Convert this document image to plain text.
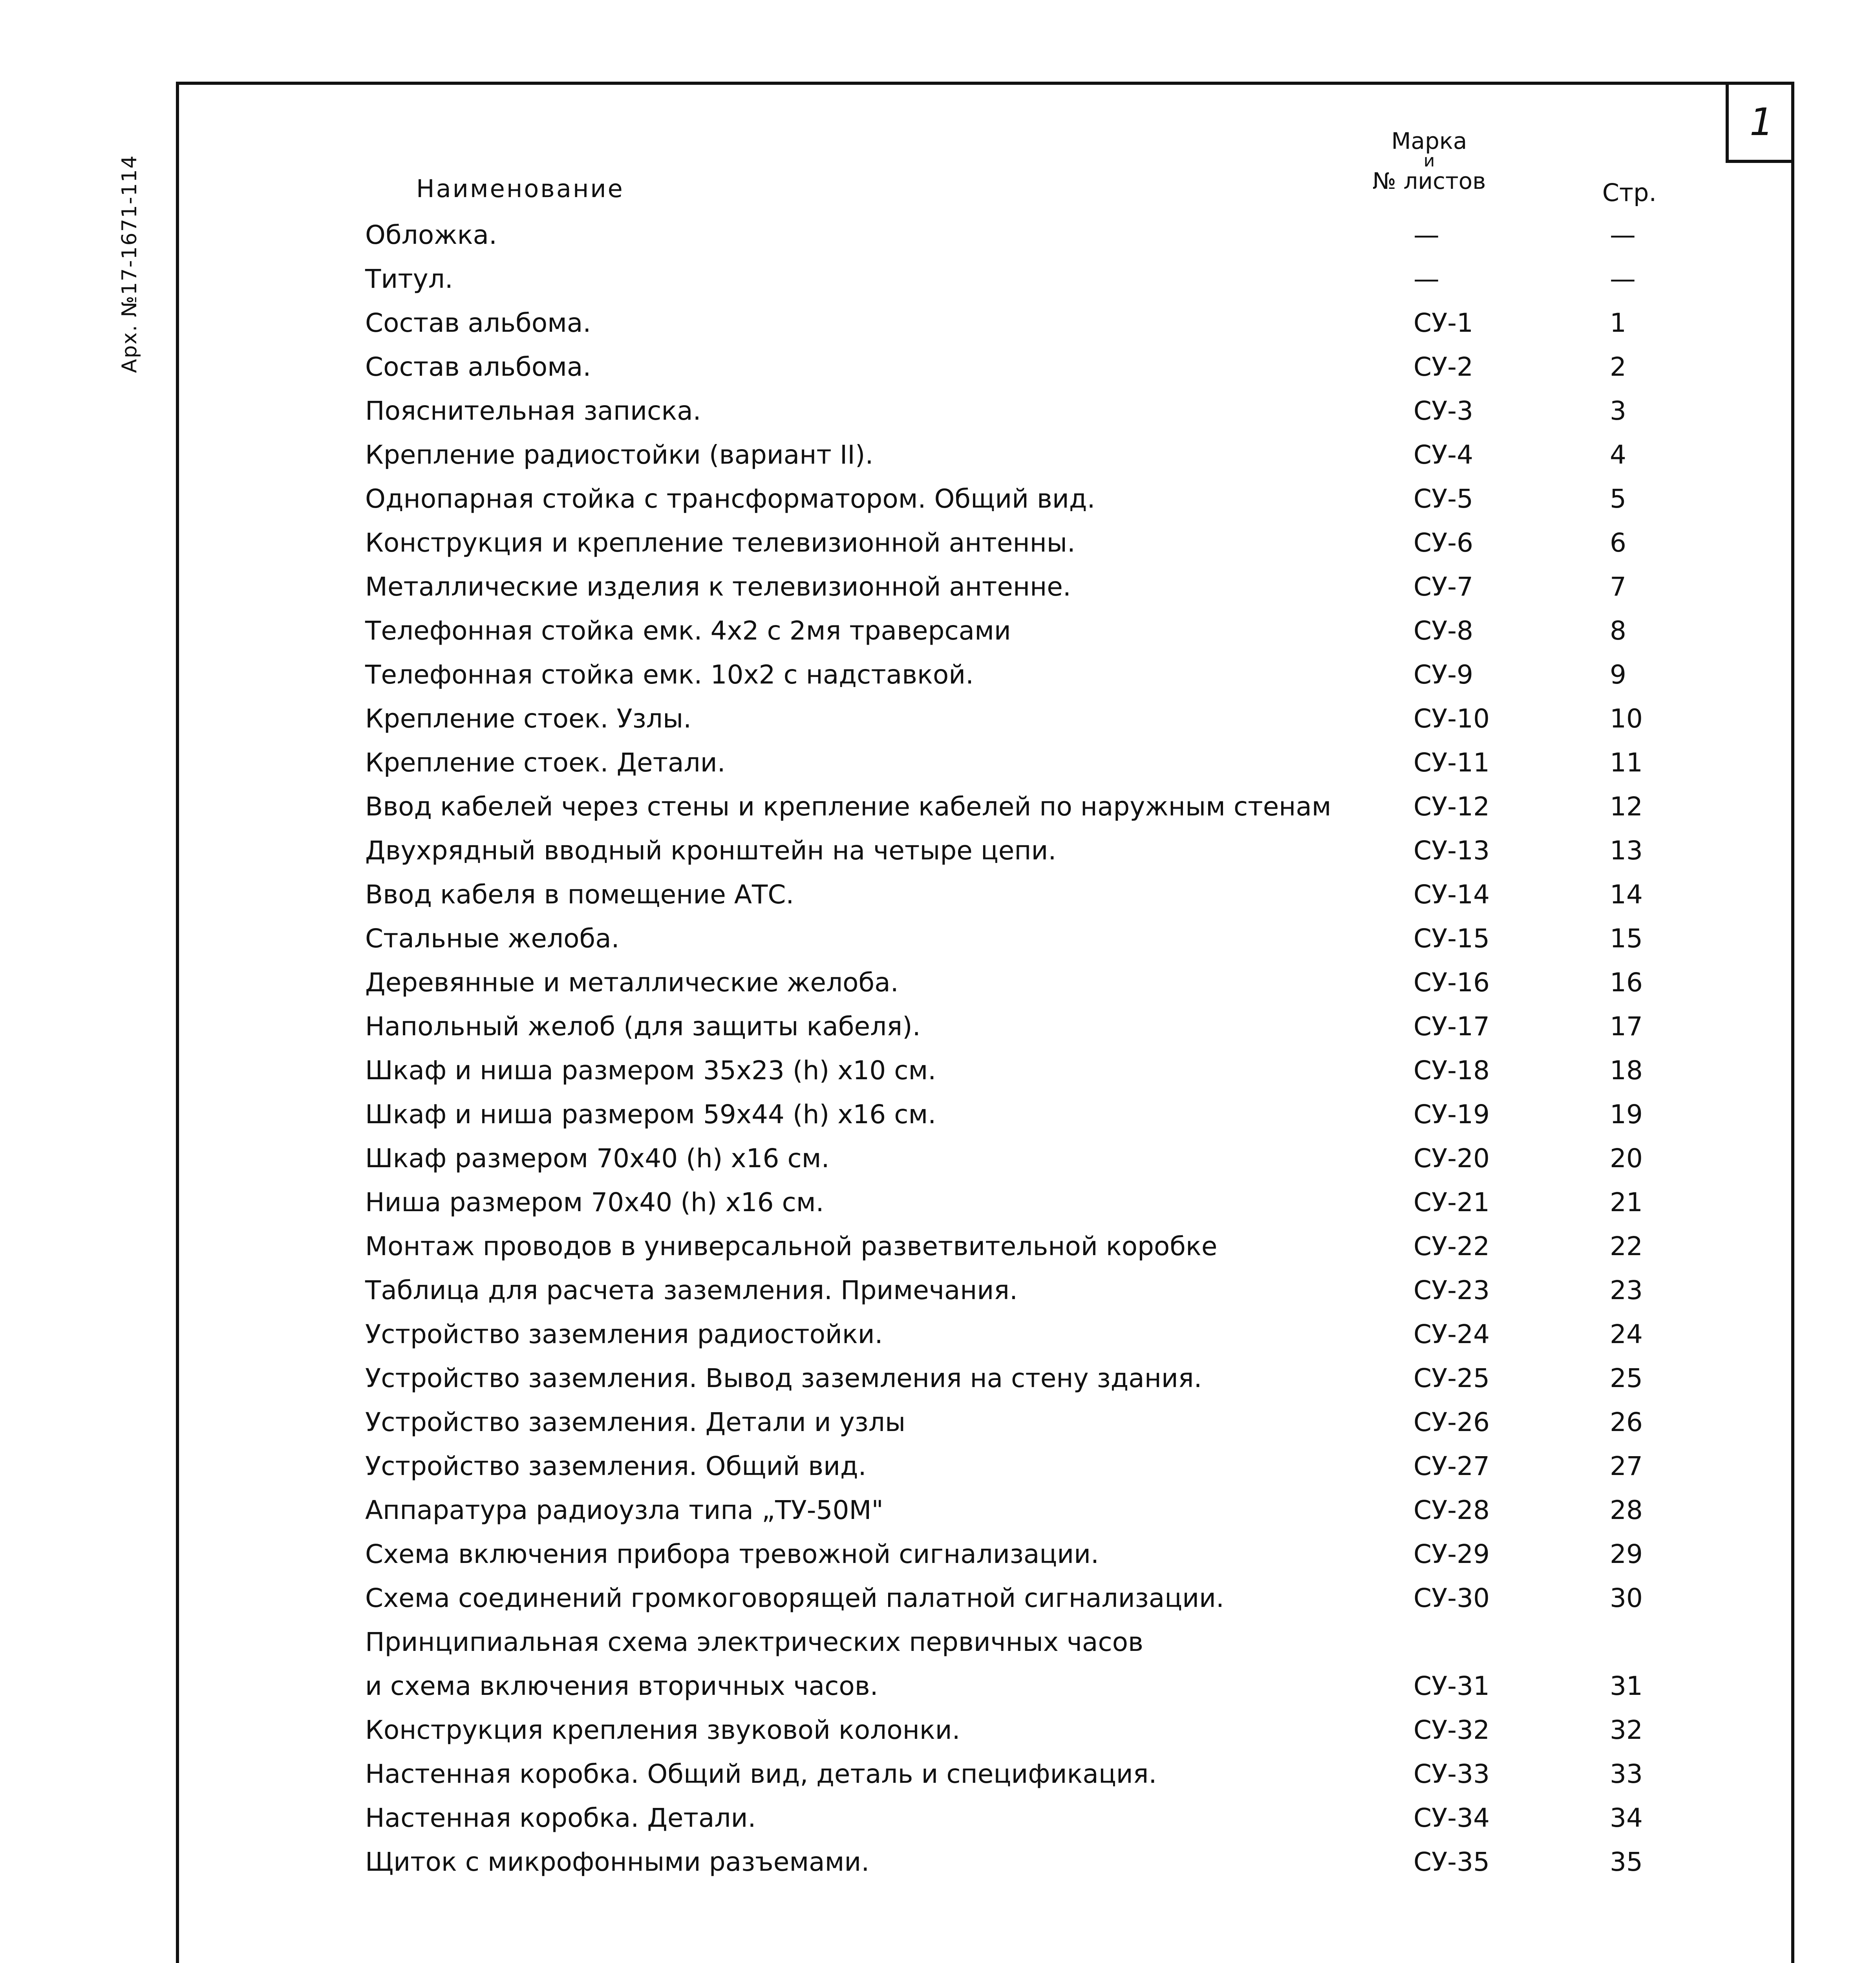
Арх. №17-1671-114
1
Наименование
Марка
и
№ листов	Стр.
Обложка.	—	—
Титул.	—	—
Состав альбома.	СУ-1	1
Состав альбома.	СУ-2	2
Пояснительная записка.	СУ-3	3
Крепление радиостойки (вариант II).	СУ-4	4
Однопарная стойка с трансформатором. Общий вид.	СУ-5	5
Конструкция и крепление телевизионной антенны.	СУ-6	6
Металлические изделия к телевизионной антенне.	СУ-7	7
Телефонная стойка емк. 4х2 с 2мя траверсами	СУ-8	8
Телефонная стойка емк. 10х2 с надставкой.	СУ-9	9
Крепление стоек. Узлы.	СУ-10	10
Крепление стоек. Детали.	СУ-11	11
Ввод кабелей через стены и крепление кабелей по наружным стенам	СУ-12	12
Двухрядный вводный кронштейн на четыре цепи.	СУ-13	13
Ввод кабеля в помещение АТС.	СУ-14	14
Стальные желоба.	СУ-15	15
Деревянные и металлические желоба.	СУ-16	16
Напольный желоб (для защиты кабеля).	СУ-17	17
Шкаф и ниша размером 35х23 (h) х10 см.	СУ-18	18
Шкаф и ниша размером 59х44 (h) х16 см.	СУ-19	19
Шкаф размером 70х40 (h) х16 см.	СУ-20	20
Ниша размером 70х40 (h) х16 см.	СУ-21	21
Монтаж проводов в универсальной разветвительной коробке	СУ-22	22
Таблица для расчета заземления. Примечания.	СУ-23	23
Устройство заземления радиостойки.	СУ-24	24
Устройство заземления. Вывод заземления на стену здания.	СУ-25	25
Устройство заземления. Детали и узлы	СУ-26	26
Устройство заземления. Общий вид.	СУ-27	27
Аппаратура радиоузла типа „ТУ-50М"	СУ-28	28
Схема включения прибора тревожной сигнализации.	СУ-29	29
Схема соединений громкоговорящей палатной сигнализации.	СУ-30	30
Принципиальная схема электрических первичных часов
и схема включения вторичных часов.	СУ-31	31
Конструкция крепления звуковой колонки.	СУ-32	32
Настенная коробка. Общий вид, деталь и спецификация.	СУ-33	33
Настенная коробка. Детали.	СУ-34	34
Щиток с микрофонными разъемами.	СУ-35	35
